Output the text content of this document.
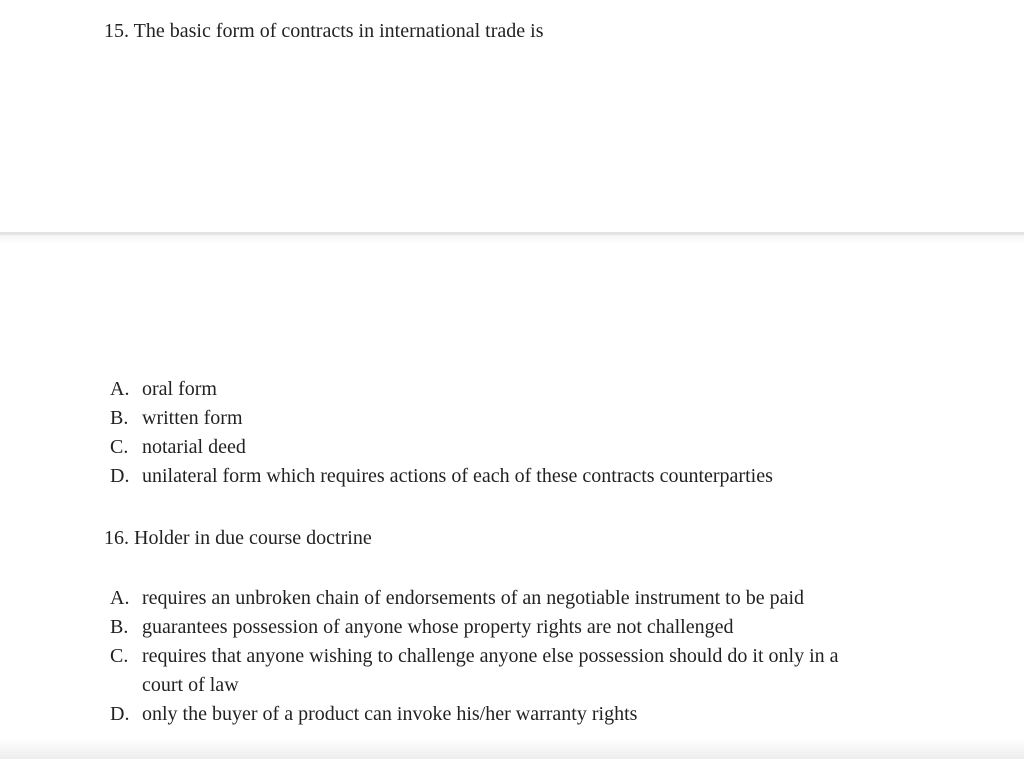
15. The basic form of contracts in international trade is
A. oral form
B. written form
C. notarial deed
D. unilateral form which requires actions of each of these contracts counterparties
16. Holder in due course doctrine
A. requires an unbroken chain of endorsements of an negotiable instrument to be paid
B. guarantees possession of anyone whose property rights are not challenged
C. requires that anyone wishing to challenge anyone else possession should do it only in a court of law
D. only the buyer of a product can invoke his/her warranty rights
